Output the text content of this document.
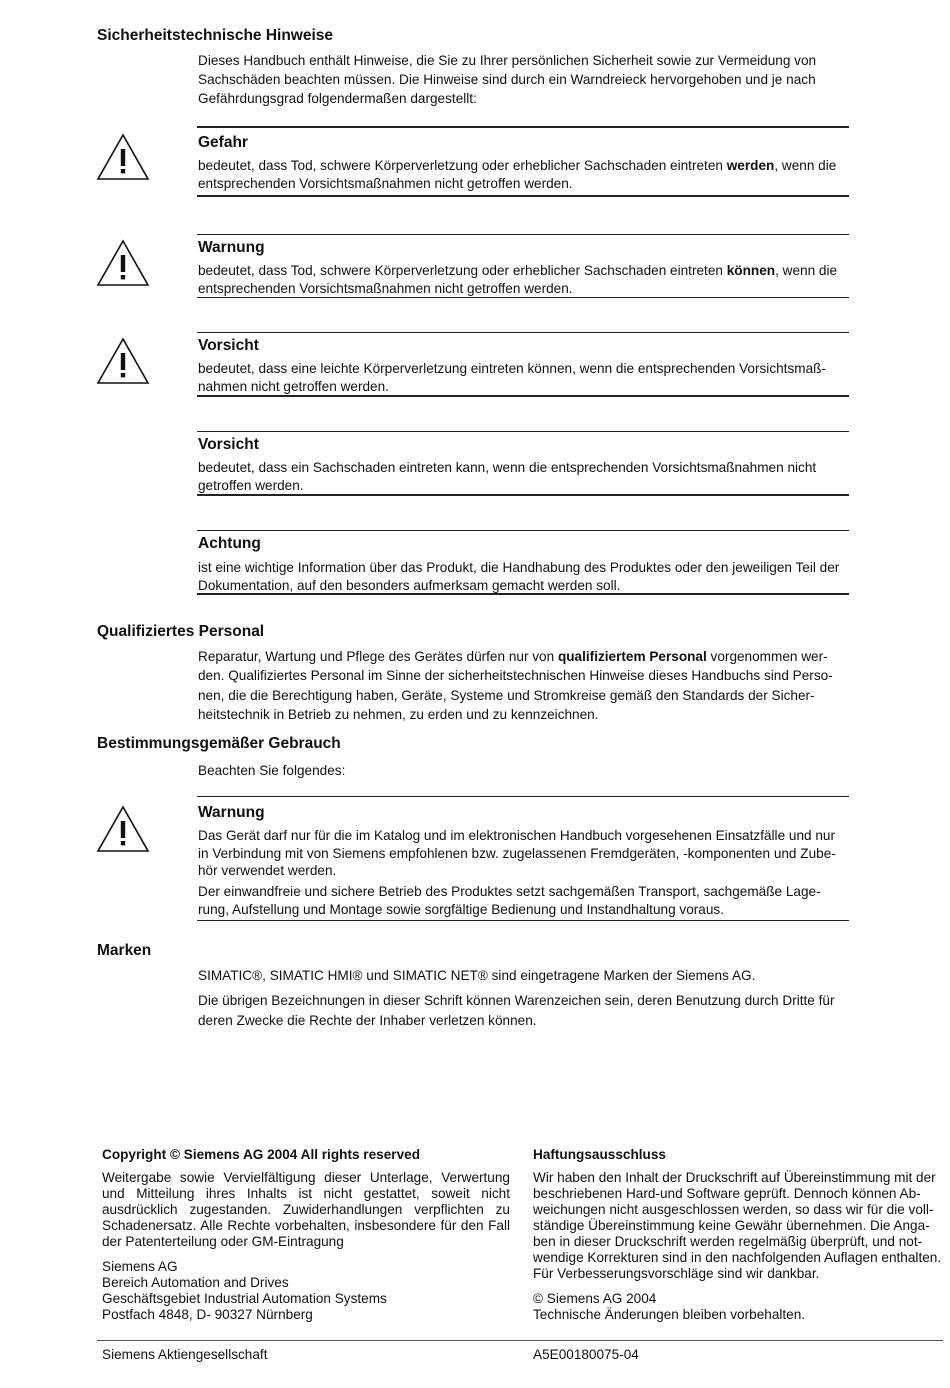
Sicherheitstechnische Hinweise
Dieses Handbuch enthält Hinweise, die Sie zu Ihrer persönlichen Sicherheit sowie zur Vermeidung von Sachschäden beachten müssen. Die Hinweise sind durch ein Warndreieck hervorgehoben und je nach Gefährdungsgrad folgendermaßen dargestellt:
Gefahr
bedeutet, dass Tod, schwere Körperverletzung oder erheblicher Sachschaden eintreten werden, wenn die entsprechenden Vorsichtsmaßnahmen nicht getroffen werden.
Warnung
bedeutet, dass Tod, schwere Körperverletzung oder erheblicher Sachschaden eintreten können, wenn die entsprechenden Vorsichtsmaßnahmen nicht getroffen werden.
Vorsicht
bedeutet, dass eine leichte Körperverletzung eintreten können, wenn die entsprechenden Vorsichtsmaß-nahmen nicht getroffen werden.
Vorsicht
bedeutet, dass ein Sachschaden eintreten kann, wenn die entsprechenden Vorsichtsmaßnahmen nicht getroffen werden.
Achtung
ist eine wichtige Information über das Produkt, die Handhabung des Produktes oder den jeweiligen Teil der Dokumentation, auf den besonders aufmerksam gemacht werden soll.
Qualifiziertes Personal
Reparatur, Wartung und Pflege des Gerätes dürfen nur von qualifiziertem Personal vorgenommen wer-den. Qualifiziertes Personal im Sinne der sicherheitstechnischen Hinweise dieses Handbuchs sind Perso-nen, die die Berechtigung haben, Geräte, Systeme und Stromkreise gemäß den Standards der Sicher-heitstechnik in Betrieb zu nehmen, zu erden und zu kennzeichnen.
Bestimmungsgemäßer Gebrauch
Beachten Sie folgendes:
Warnung
Das Gerät darf nur für die im Katalog und im elektronischen Handbuch vorgesehenen Einsatzfälle und nur in Verbindung mit von Siemens empfohlenen bzw. zugelassenen Fremdgeräten, -komponenten und Zube-hör verwendet werden.
Der einwandfreie und sichere Betrieb des Produktes setzt sachgemäßen Transport, sachgemäße Lage-rung, Aufstellung und Montage sowie sorgfältige Bedienung und Instandhaltung voraus.
Marken
SIMATIC®, SIMATIC HMI® und SIMATIC NET® sind eingetragene Marken der Siemens AG.
Die übrigen Bezeichnungen in dieser Schrift können Warenzeichen sein, deren Benutzung durch Dritte für deren Zwecke die Rechte der Inhaber verletzen können.
Copyright © Siemens AG 2004 All rights reserved
Weitergabe sowie Vervielfältigung dieser Unterlage, Verwertung und Mitteilung ihres Inhalts ist nicht gestattet, soweit nicht ausdrücklich zugestanden. Zuwiderhandlungen verpflichten zu Schadenersatz. Alle Rechte vorbehalten, insbesondere für den Fall der Patenterteilung oder GM-Eintragung
Siemens AG
Bereich Automation and Drives
Geschäftsgebiet Industrial Automation Systems
Postfach 4848, D- 90327 Nürnberg
Haftungsausschluss
Wir haben den Inhalt der Druckschrift auf Übereinstimmung mit der beschriebenen Hard-und Software geprüft. Dennoch können Ab-weichungen nicht ausgeschlossen werden, so dass wir für die voll-ständige Übereinstimmung keine Gewähr übernehmen. Die Anga-ben in dieser Druckschrift werden regelmäßig überprüft, und not-wendige Korrekturen sind in den nachfolgenden Auflagen enthalten. Für Verbesserungsvorschläge sind wir dankbar.
© Siemens AG 2004
Technische Änderungen bleiben vorbehalten.
Siemens Aktiengesellschaft	A5E00180075-04
